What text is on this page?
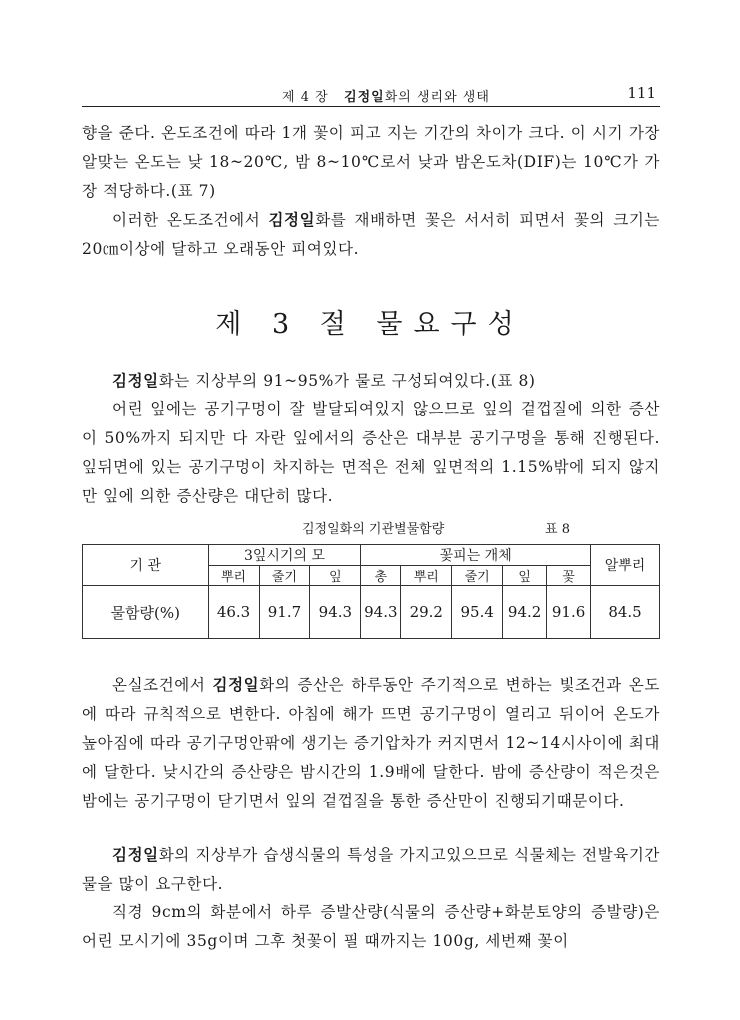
제 4 장 김정일화의 생리와 생태	111

향을 준다. 온도조건에 따라 1개 꽃이 피고 지는 기간의 차이가 크다. 이 시기 가장 알맞는 온도는 낮 18~20℃, 밤 8~10℃로서 낮과 밤온도차(DIF)는 10℃가 가장 적당하다.(표 7)

이러한 온도조건에서 김정일화를 재배하면 꽃은 서서히 피면서 꽃의 크기는 20㎝이상에 달하고 오래동안 피여있다.

제 3 절 물요구성

김정일화는 지상부의 91~95%가 물로 구성되여있다.(표 8)

어린 잎에는 공기구멍이 잘 발달되여있지 않으므로 잎의 겉껍질에 의한 증산이 50%까지 되지만 다 자란 잎에서의 증산은 대부분 공기구멍을 통해 진행된다. 잎뒤면에 있는 공기구멍이 차지하는 면적은 전체 잎면적의 1.15%밖에 되지 않지만 잎에 의한 증산량은 대단히 많다.

김정일화의 기관별물함량	표 8
기 관	3잎시기의 모			꽃피는 개체					알뿌리
	뿌리	줄기	잎	총	뿌리	줄기	잎	꽃	
물함량(%)	46.3	91.7	94.3	94.3	29.2	95.4	94.2	91.6	84.5

온실조건에서 김정일화의 증산은 하루동안 주기적으로 변하는 빛조건과 온도에 따라 규칙적으로 변한다. 아침에 해가 뜨면 공기구멍이 열리고 뒤이어 온도가 높아짐에 따라 공기구멍안팎에 생기는 증기압차가 커지면서 12~14시사이에 최대에 달한다. 낮시간의 증산량은 밤시간의 1.9배에 달한다. 밤에 증산량이 적은것은 밤에는 공기구멍이 닫기면서 잎의 겉껍질을 통한 증산만이 진행되기때문이다.

김정일화의 지상부가 습생식물의 특성을 가지고있으므로 식물체는 전발육기간 물을 많이 요구한다.

직경 9cm의 화분에서 하루 증발산량(식물의 증산량+화분토양의 증발량)은 어린 모시기에 35g이며 그후 첫꽃이 필 때까지는 100g, 세번째 꽃이
